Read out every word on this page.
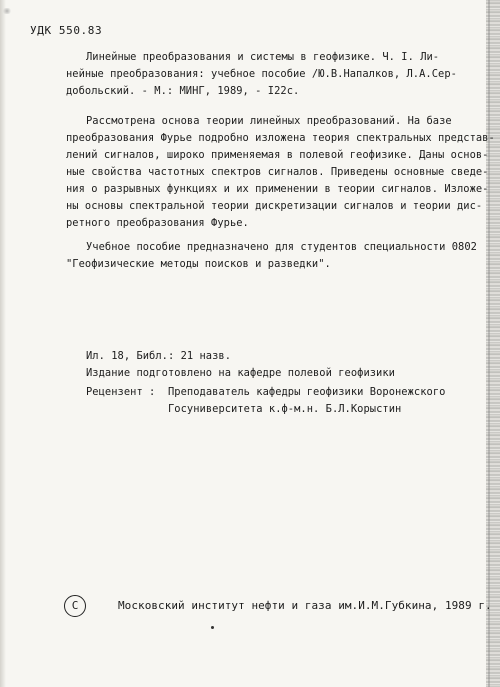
УДК 550.83
Линейные преобразования и системы в геофизике. Ч. I. Ли-
нейные преобразования: учебное пособие /Ю.В.Напалков, Л.А.Сер-
добольский. - М.: МИНГ, 1989, - I22с.
Рассмотрена основа теории линейных преобразований. На базе
преобразования Фурье подробно изложена теория спектральных представ-
лений сигналов, широко применяемая в полевой геофизике. Даны основ-
ные свойства частотных спектров сигналов. Приведены основные сведе-
ния о разрывных функциях и их применении в теории сигналов. Изложе-
ны основы спектральной теории дискретизации сигналов и теории дис-
ретного преобразования Фурье.
Учебное пособие предназначено для студентов специальности 0802
"Геофизические методы поисков и разведки".
Ил. 18, Библ.: 21 назв.
Издание подготовлено на кафедре полевой геофизики
Рецензент : Преподаватель кафедры геофизики Воронежского
Госуниверситета к.ф-м.н. Б.Л.Корыстин
C	Московский институт нефти и газа им.И.М.Губкина, 1989 г.
